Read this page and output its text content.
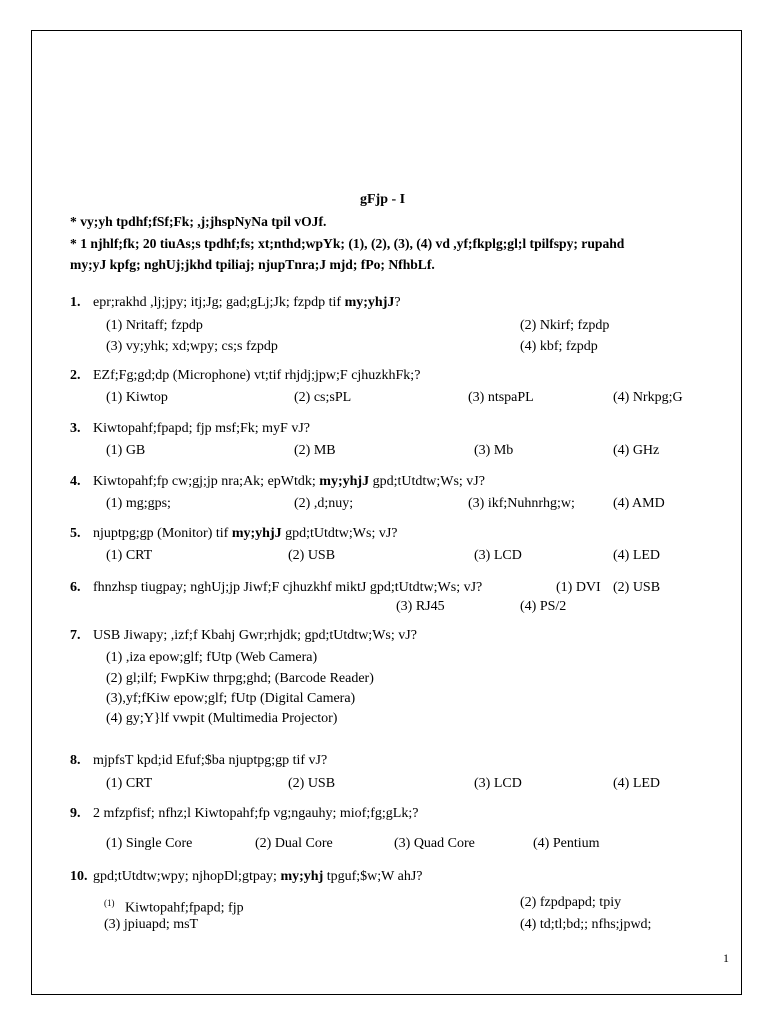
gFjp - I
* vy;yh tpdhf;fSf;Fk; ,j;jhspNyNa tpil vOJf.
* 1 njhlf;fk; 20 tiuAs;s tpdhf;fs; xt;nthd;wpYk; (1), (2), (3), (4) vd ,yf;fkplg;gl;l tpilfspy; rupahd
my;yJ kpfg; nghUj;jkhd tpiliaj; njupTnra;J mjd; fPo; NfhbLf.
1. epr;rakhd ,lj;jpy; itj;Jg; gad;gLj;Jk; fzpdp tif my;yhjJ?
(1) Nritaff; fzpdp	(2) Nkirf; fzpdp
(3) vy;yhk; xd;wpy; cs;s fzpdp	(4) kbf; fzpdp
2. EZf;Fg;gd;dp (Microphone) vt;tif rhjdj;jpw;F cjhuzkhFk;?
(1) Kiwtop	(2) cs;sPL	(3) ntspaPL	(4) Nrkpg;G
3. Kiwtopahf;fpapd; fjp msf;Fk; myF vJ?
(1) GB	(2) MB	(3) Mb	(4) GHz
4. Kiwtopahf;fp cw;gj;jp nra;Ak; epWtdk; my;yhjJ gpd;tUtdtw;Ws; vJ?
(1) mg;gps;	(2) ,d;nuy;	(3) ikf;Nuhnrhg;w;	(4) AMD
5. njuptpg;gp (Monitor) tif my;yhjJ gpd;tUtdtw;Ws; vJ?
(1) CRT	(2) USB	(3) LCD	(4) LED
6. fhnzhsp tiugpay; nghUj;jp Jiwf;F cjhuzkhf miktJ gpd;tUtdtw;Ws; vJ?	(1) DVI (2) USB
(3) RJ45	(4) PS/2
7. USB Jiwapy; ,izf;f Kbahj Gwr;rhjdk; gpd;tUtdtw;Ws; vJ?
(1) ,iza epow;glf; fUtp (Web Camera)
(2) gl;ilf; FwpKiw thrpg;ghd; (Barcode Reader)
(3),yf;fKiw epow;glf; fUtp (Digital Camera)
(4) gy;Y}lf vwpit (Multimedia Projector)
8. mjpfsT kpd;id Efuf;$ba njuptpg;gp tif vJ?
(1) CRT	(2) USB	(3) LCD	(4) LED
9. 2 mfzpfisf; nfhz;l Kiwtopahf;fp vg;ngauhy; miof;fg;gLk;?
(1) Single Core	(2) Dual Core	(3) Quad Core	(4) Pentium
10. gpd;tUtdtw;wpy; njhopDl;gtpay; my;yhj tpguf;$w;W ahJ?
$^{(1)}$ Kiwtopahf;fpapd; fjp	(2) fzpdpapd; tpiy
(3) jpiuapd; msT	(4) td;tl;bd;; nfhs;jpwd;
1
